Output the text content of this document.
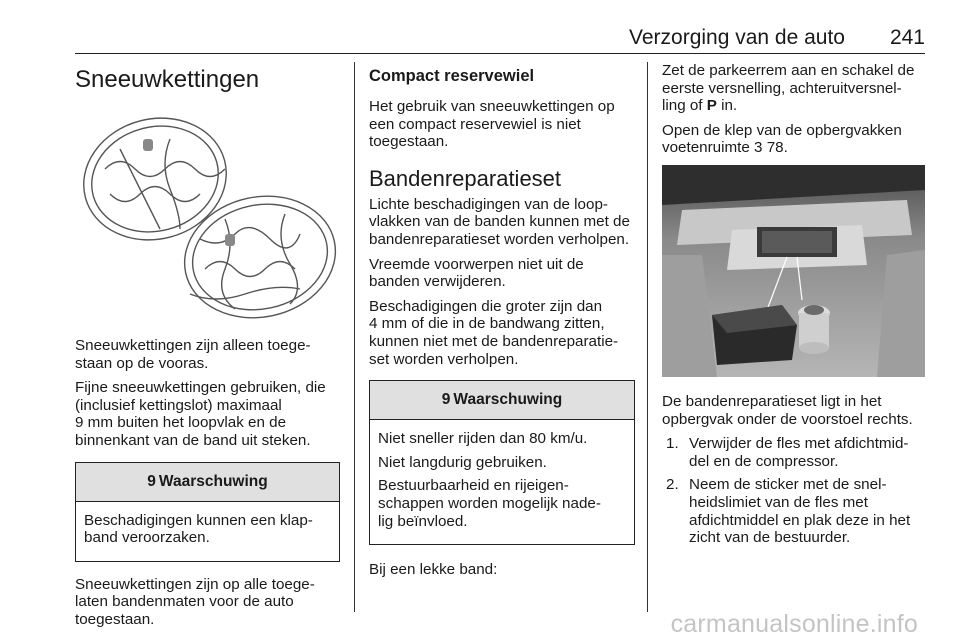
Verzorging van de auto 241
Sneeuwkettingen

Sneeuwkettingen zijn alleen toege-
staan op de vooras.

Fijne sneeuwkettingen gebruiken, die (inclusief kettingslot) maximaal
9 mm buiten het loopvlak en de binnenkant van de band uit steken.

9 Waarschuwing

Beschadigingen kunnen een klap-
band veroorzaken.

Sneeuwkettingen zijn op alle toege-
laten bandenmaten voor de auto toegestaan.

Compact reservewiel

Het gebruik van sneeuwkettingen op een compact reservewiel is niet toegestaan.

Bandenreparatieset

Lichte beschadigingen van de loop-
vlakken van de banden kunnen met de bandenreparatieset worden verholpen.

Vreemde voorwerpen niet uit de banden verwijderen.

Beschadigingen die groter zijn dan
4 mm of die in de bandwang zitten, kunnen niet met de bandenreparatie-
set worden verholpen.

9 Waarschuwing

Niet sneller rijden dan 80 km/u.

Niet langdurig gebruiken.

Bestuurbaarheid en rijeigen-
schappen worden mogelijk nade-
lig beïnvloed.

Bij een lekke band:

Zet de parkeerrem aan en schakel de eerste versnelling, achteruitversnel-
ling of P in.

Open de klep van de opbergvakken voetenruimte 3 78.

De bandenreparatieset ligt in het opbergvak onder de voorstoel rechts.

1. Verwijder de fles met afdichtmid-
del en de compressor.
2. Neem de sticker met de snel-
heidslimiet van de fles met afdichtmiddel en plak deze in het zicht van de bestuurder.
carmanualsonline.info
